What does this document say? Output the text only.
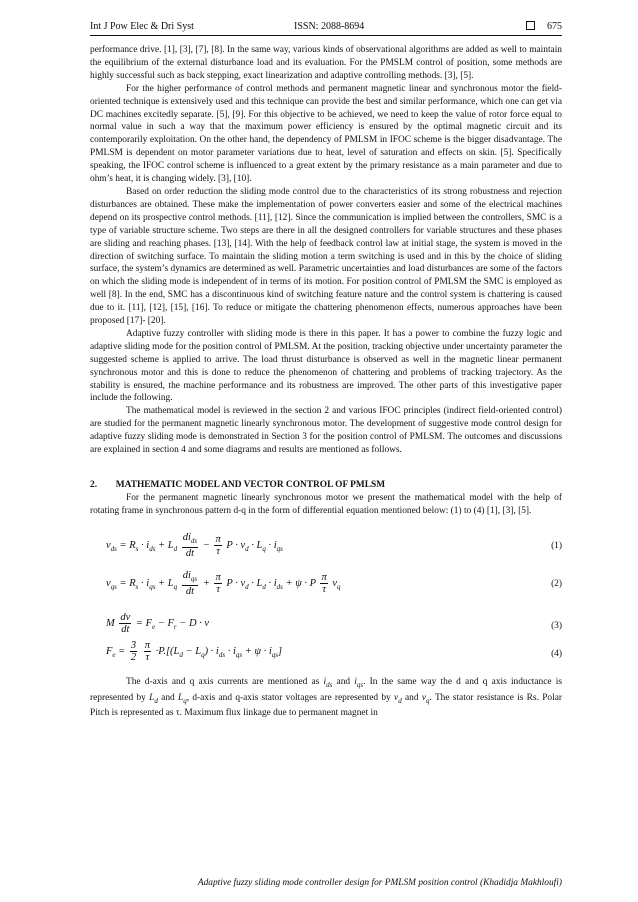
Int J Pow Elec & Dri Syst	ISSN: 2088-8694	675

performance drive. [1], [3], [7], [8]. In the same way, various kinds of observational algorithms are added as well to maintain the equilibrium of the external disturbance load and its evaluation. For the PMSLM control of position, some methods are highly successful such as back stepping, exact linearization and adaptive controlling methods. [3], [5].

For the higher performance of control methods and permanent magnetic linear and synchronous motor the field-oriented technique is extensively used and this technique can provide the best and similar performance, which one can get via DC machines excitedly separate. [5], [9]. For this objective to be achieved, we need to keep the value of rotor force equal to normal value in such a way that the maximum power efficiency is ensured by the optimal magnetic circuit and its contemporarily exploitation. On the other hand, the dependency of PMLSM in IFOC scheme is the bigger disadvantage. The PMLSM is dependent on motor parameter variations due to heat, level of saturation and effects on skin. [5]. Specifically speaking, the IFOC control scheme is influenced to a great extent by the primary resistance as a main parameter and due to ohm’s heat, it is changing widely. [3], [10].

Based on order reduction the sliding mode control due to the characteristics of its strong robustness and rejection disturbances are obtained. These make the implementation of power converters easier and some of the electrical machines depend on its prospective control methods. [11], [12]. Since the communication is implied between the controllers, SMC is a type of variable structure scheme. Two steps are there in all the designed controllers for variable structures and these phases are sliding and reaching phases. [13], [14]. With the help of feedback control law at initial stage, the system is moved in the direction of switching surface. To maintain the sliding motion a term switching is used and in this by the choice of sliding surface, the system’s dynamics are determined as well. Parametric uncertainties and load disturbances are some of the factors on which the sliding mode is independent of in terms of its motion. For position control of PMLSM the SMC is employed as well [8]. In the end, SMC has a discontinuous kind of switching feature nature and the control system is chattering is caused due to it. [11], [12], [15], [16]. To reduce or mitigate the chattering phenomenon effects, numerous approaches have been proposed [17]- [20].

Adaptive fuzzy controller with sliding mode is there in this paper. It has a power to combine the fuzzy logic and adaptive sliding mode for the position control of PMLSM. At the position, tracking objective under uncertainty parameter the suggested scheme is applied to arrive. The load thrust disturbance is observed as well in the magnetic linear permanent synchronous motor and this is done to reduce the phenomenon of chattering and problems of tracking trajectory. As the stability is ensured, the machine performance and its robustness are improved. The other parts of this investigative paper include the following.

The mathematical model is reviewed in the section 2 and various IFOC principles (indirect field-oriented control) are studied for the permanent magnetic linearly synchronous motor. The development of suggestive mode control design for adaptive fuzzy sliding mode is demonstrated in Section 3 for the position control of PMLSM. The outcomes and discussions are explained in section 4 and some diagrams and results are mentioned as follows.

2.  MATHEMATIC MODEL AND VECTOR CONTROL OF PMLSM

For the permanent magnetic linearly synchronous motor we present the mathematical model with the help of rotating frame in synchronous pattern d-q in the form of differential equation mentioned below: (1) to (4) [1], [3], [5].

$v_{ds} = R_s \cdot i_{ds} + L_d \frac{di_{ds}}{dt} - \frac{\pi}{\tau}$ $P \cdot v_d \cdot L_q \cdot i_{qs}$	(1)
$v_{qs} = R_s \cdot i_{qs} + L_q \frac{di_{qs}}{dt} + \frac{\pi}{\tau}$ $P \cdot v_d \cdot L_d \cdot i_{ds} + \psi \cdot P \frac{\pi}{\tau} v_q$	(2)
M $\frac{dv}{dt} = F_e - F_r - D \cdot v$	(3)
$F_e = \frac{3}{2}$
$\frac{\pi}{\tau} \cdot P.[(L_d - L_q) \cdot i_{ds} \cdot i_{qs} + \psi \cdot i_{qs}]$	(4)

The d-axis and q axis currents are mentioned as $i_{ds}$ and $i_{qs}$. In the same way the d and q axis inductance is represented by $L_d$ and $L_q$, d-axis and q-axis stator voltages are represented by $v_d$ and $v_q$. The stator resistance is Rs. Polar Pitch is represented as τ. Maximum flux linkage due to permanent magnet in

Adaptive fuzzy sliding mode controller design for PMLSM position control (Khadidja Makhloufi)
